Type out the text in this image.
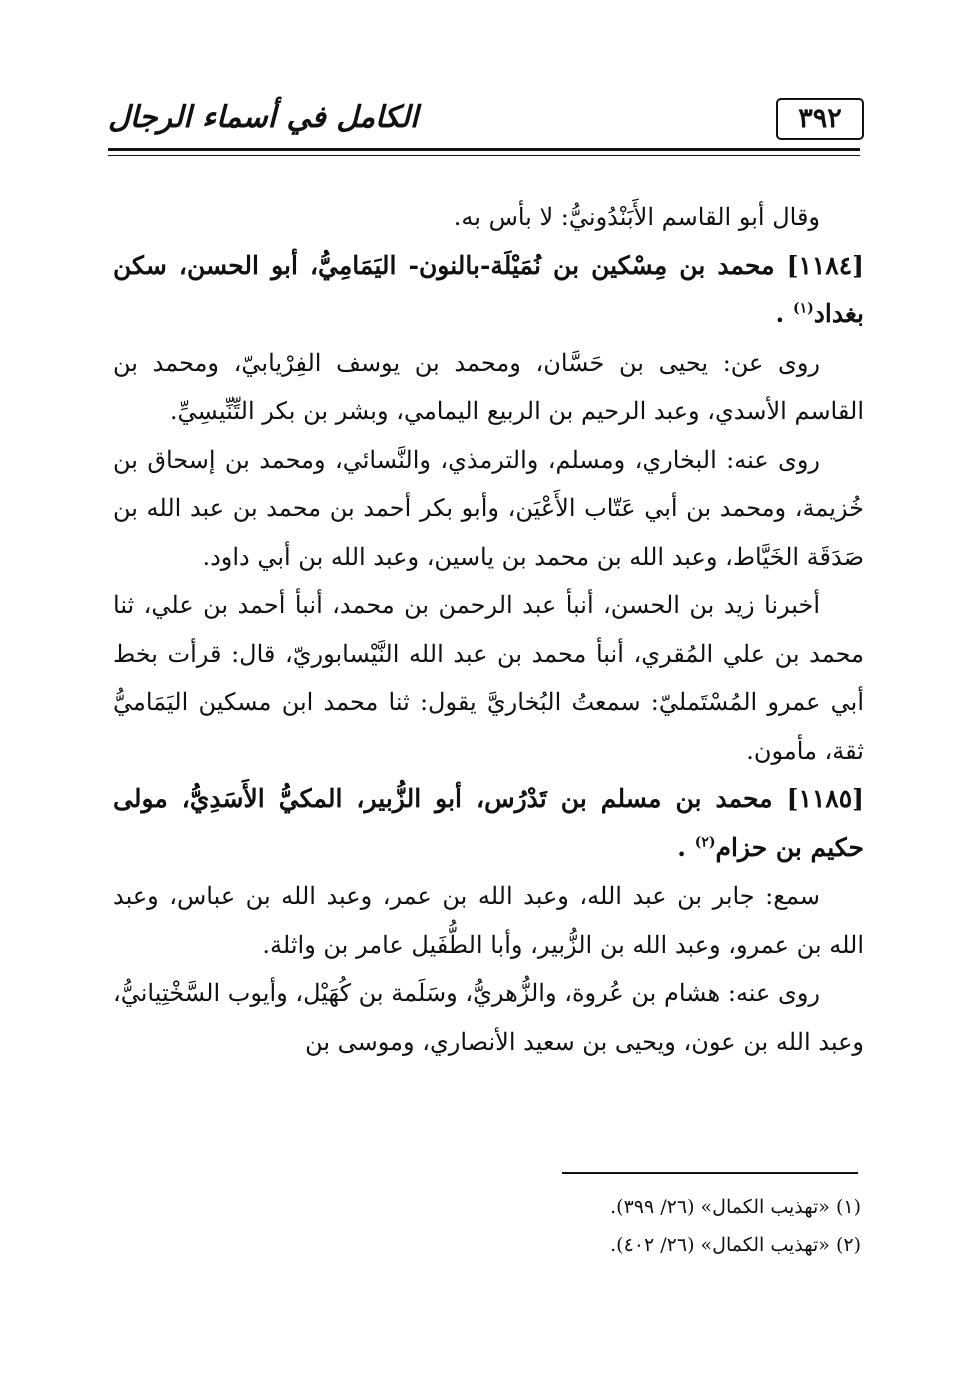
الكامل في أسماء الرجال	٣٩٢

وقال أبو القاسم الأَبَنْدُونيُّ: لا بأس به.

[١١٨٤] محمد بن مِسْكين بن نُمَيْلَة-بالنون- اليَمَامِيُّ، أبو الحسن، سكن بغداد$^{(١)}$ .

روى عن: يحيى بن حَسَّان، ومحمد بن يوسف الفِرْيابيّ، ومحمد بن القاسم الأسدي، وعبد الرحيم بن الربيع اليمامي، وبشر بن بكر التِّنِّيسِيِّ.

روى عنه: البخاري، ومسلم، والترمذي، والنَّسائي، ومحمد بن إسحاق بن خُزيمة، ومحمد بن أبي عَتّاب الأَعْيَن، وأبو بكر أحمد بن محمد بن عبد الله بن صَدَقَة الخَيَّاط، وعبد الله بن محمد بن ياسين، وعبد الله بن أبي داود.

أخبرنا زيد بن الحسن، أنبأ عبد الرحمن بن محمد، أنبأ أحمد بن علي، ثنا محمد بن علي المُقري، أنبأ محمد بن عبد الله النَّيْسابوريّ، قال: قرأت بخط أبي عمرو المُسْتَمليّ: سمعتُ البُخاريَّ يقول: ثنا محمد ابن مسكين اليَمَاميُّ ثقة، مأمون.

[١١٨٥] محمد بن مسلم بن تَدْرُس، أبو الزُّبير، المكيُّ الأَسَدِيُّ، مولى حكيم بن حزام$^{(٢)}$ .

سمع: جابر بن عبد الله، وعبد الله بن عمر، وعبد الله بن عباس، وعبد الله بن عمرو، وعبد الله بن الزُّبير، وأبا الطُّفَيل عامر بن واثلة.

روى عنه: هشام بن عُروة، والزُّهريُّ، وسَلَمة بن كُهَيْل، وأيوب السَّخْتِيانيُّ، وعبد الله بن عون، ويحيى بن سعيد الأنصاري، وموسى بن

(١) «تهذيب الكمال» (٢٦/ ٣٩٩).
(٢) «تهذيب الكمال» (٢٦/ ٤٠٢).
